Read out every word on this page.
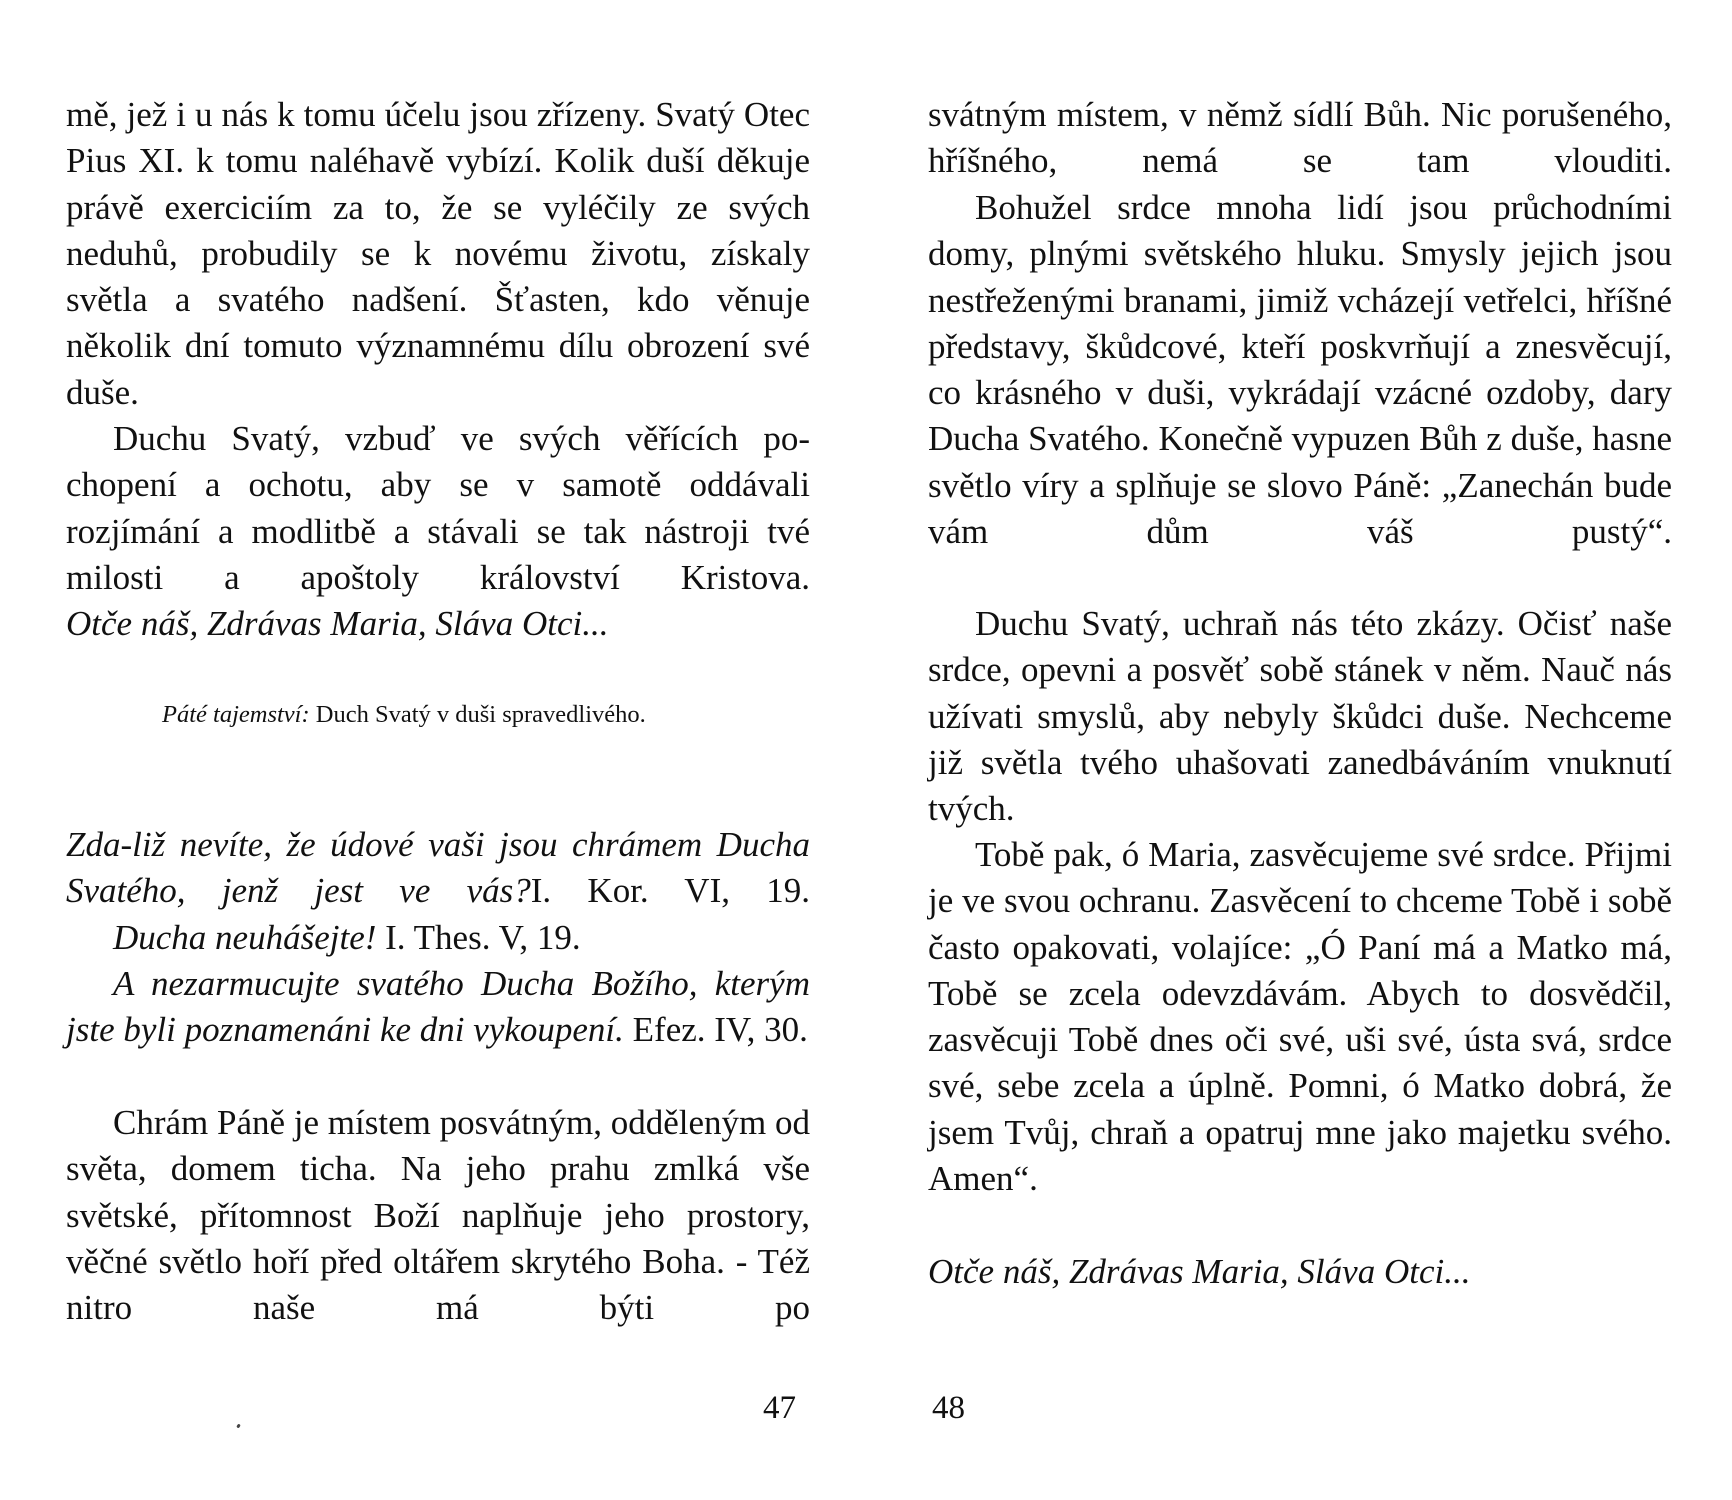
mě, jež i u nás k tomu účelu jsou zřízeny. Svatý Otec Pius XI. k tomu naléhavě vybízí. Kolik duší děkuje právě exerciciím za to, že se vyléčily ze svých neduhů, probudily se k novému životu, získaly světla a svatého nadšení. Šťasten, kdo věnuje několik dní tomuto významnému dílu obrození své duše.

Duchu Svatý, vzbuď ve svých věřících pochopení a ochotu, aby se v samotě oddávali rozjímání a modlitbě a stávali se tak nástroji tvé milosti a apoštoly království Kristova.

Otče náš, Zdrávas Maria, Sláva Otci...

Páté tajemství: Duch Svatý v duši spravedlivého.

Zda-liž nevíte, že údové vaši jsou chrámem Ducha Svatého, jenž jest ve vás?I. Kor. VI, 19.

Ducha neuhášejte! I. Thes. V, 19.

A nezarmucujte svatého Ducha Božího, kterým jste byli poznamenáni ke dni vykoupení. Efez. IV, 30.

Chrám Páně je místem posvátným, odděleným od světa, domem ticha. Na jeho prahu zmlká vše světské, přítomnost Boží naplňuje jeho prostory, věčné světlo hoří před oltářem skrytého Boha. - Též nitro naše má býti po

47

svátným místem, v němž sídlí Bůh. Nic porušeného, hříšného, nemá se tam vlouditi.

Bohužel srdce mnoha lidí jsou průchodními domy, plnými světského hluku. Smysly jejich jsou nestřeženými branami, jimiž vcházejí vetřelci, hříšné představy, škůdcové, kteří poskvrňují a znesvěcují, co krásného v duši, vykrádají vzácné ozdoby, dary Ducha Svatého. Konečně vypuzen Bůh z duše, hasne světlo víry a splňuje se slovo Páně: „Zanechán bude vám dům váš pustý“.

Duchu Svatý, uchraň nás této zkázy. Očisť naše srdce, opevni a posvěť sobě stánek v něm. Nauč nás užívati smyslů, aby nebyly škůdci duše. Nechceme již světla tvého uhašovati zanedbáváním vnuknutí tvých.

Tobě pak, ó Maria, zasvěcujeme své srdce. Přijmi je ve svou ochranu. Zasvěcení to chceme Tobě i sobě často opakovati, volajíce: „Ó Paní má a Matko má, Tobě se zcela odevzdávám. Abych to dosvědčil, zasvěcuji Tobě dnes oči své, uši své, ústa svá, srdce své, sebe zcela a úplně. Pomni, ó Matko dobrá, že jsem Tvůj, chraň a opatruj mne jako majetku svého. Amen“.

Otče náš, Zdrávas Maria, Sláva Otci...

48
